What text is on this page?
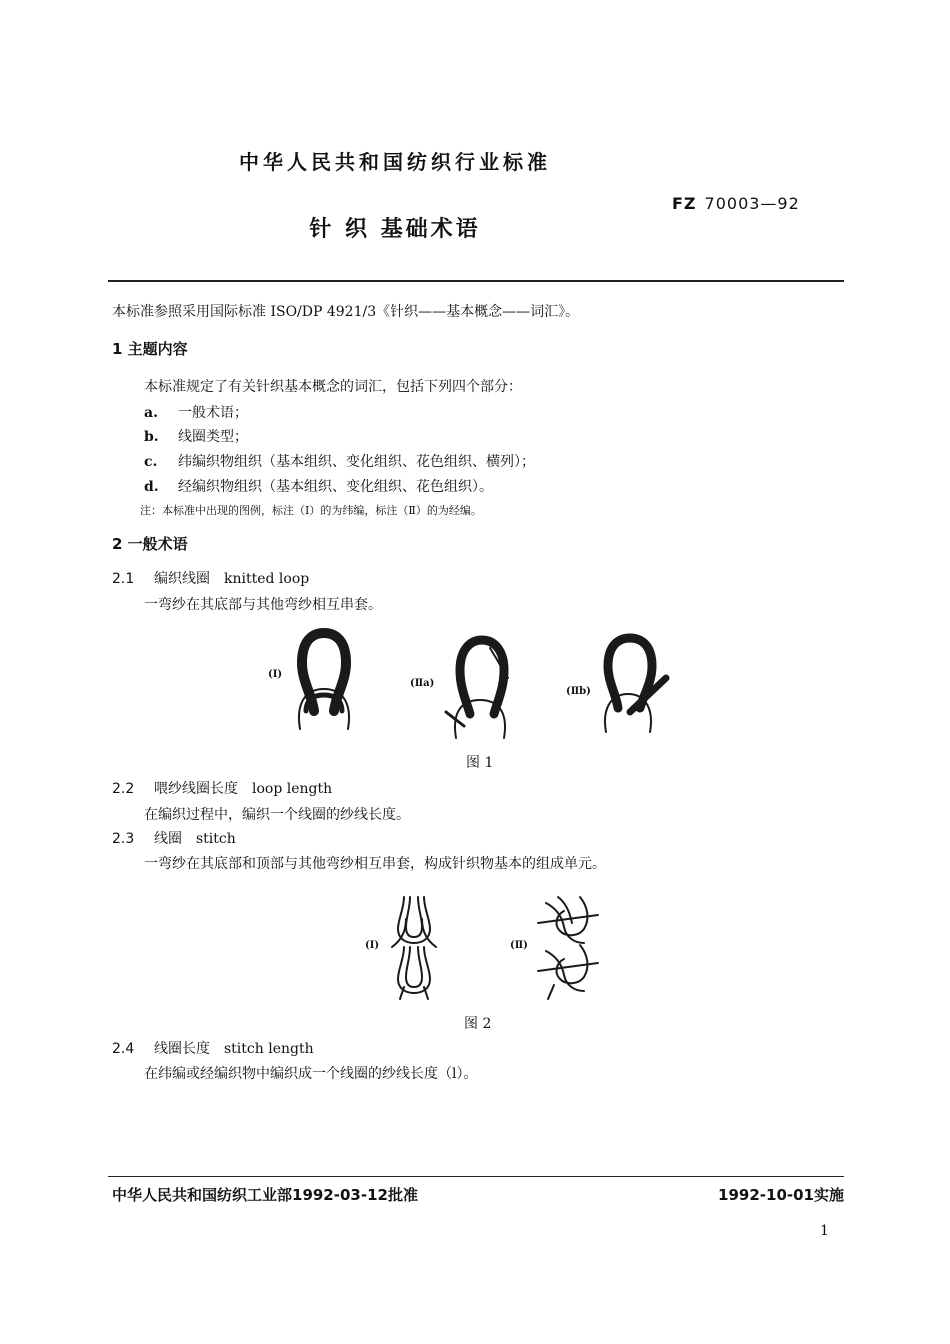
中华人民共和国纺织行业标准
FZ 70003—92
针 织 基础术语
本标准参照采用国际标准 ISO/DP 4921/3《针织——基本概念——词汇》。
1 主题内容
本标准规定了有关针织基本概念的词汇，包括下列四个部分：
a. 一般术语；
b. 线圈类型；
c. 纬编织物组织（基本组织、变化组织、花色组织、横列）；
d. 经编织物组织（基本组织、变化组织、花色组织）。
注：本标准中出现的图例，标注（Ⅰ）的为纬编，标注（Ⅱ）的为经编。
2 一般术语
2.1 编织线圈 knitted loop
一弯纱在其底部与其他弯纱相互串套。
(Ⅰ)
(Ⅱa)
(Ⅱb)
图 1
2.2 喂纱线圈长度 loop length
在编织过程中，编织一个线圈的纱线长度。
2.3 线圈 stitch
一弯纱在其底部和顶部与其他弯纱相互串套，构成针织物基本的组成单元。
(Ⅰ)	(Ⅱ)
图 2
2.4 线圈长度 stitch length
在纬编或经编织物中编织成一个线圈的纱线长度（l）。
中华人民共和国纺织工业部1992-03-12批准	1992-10-01实施
1
